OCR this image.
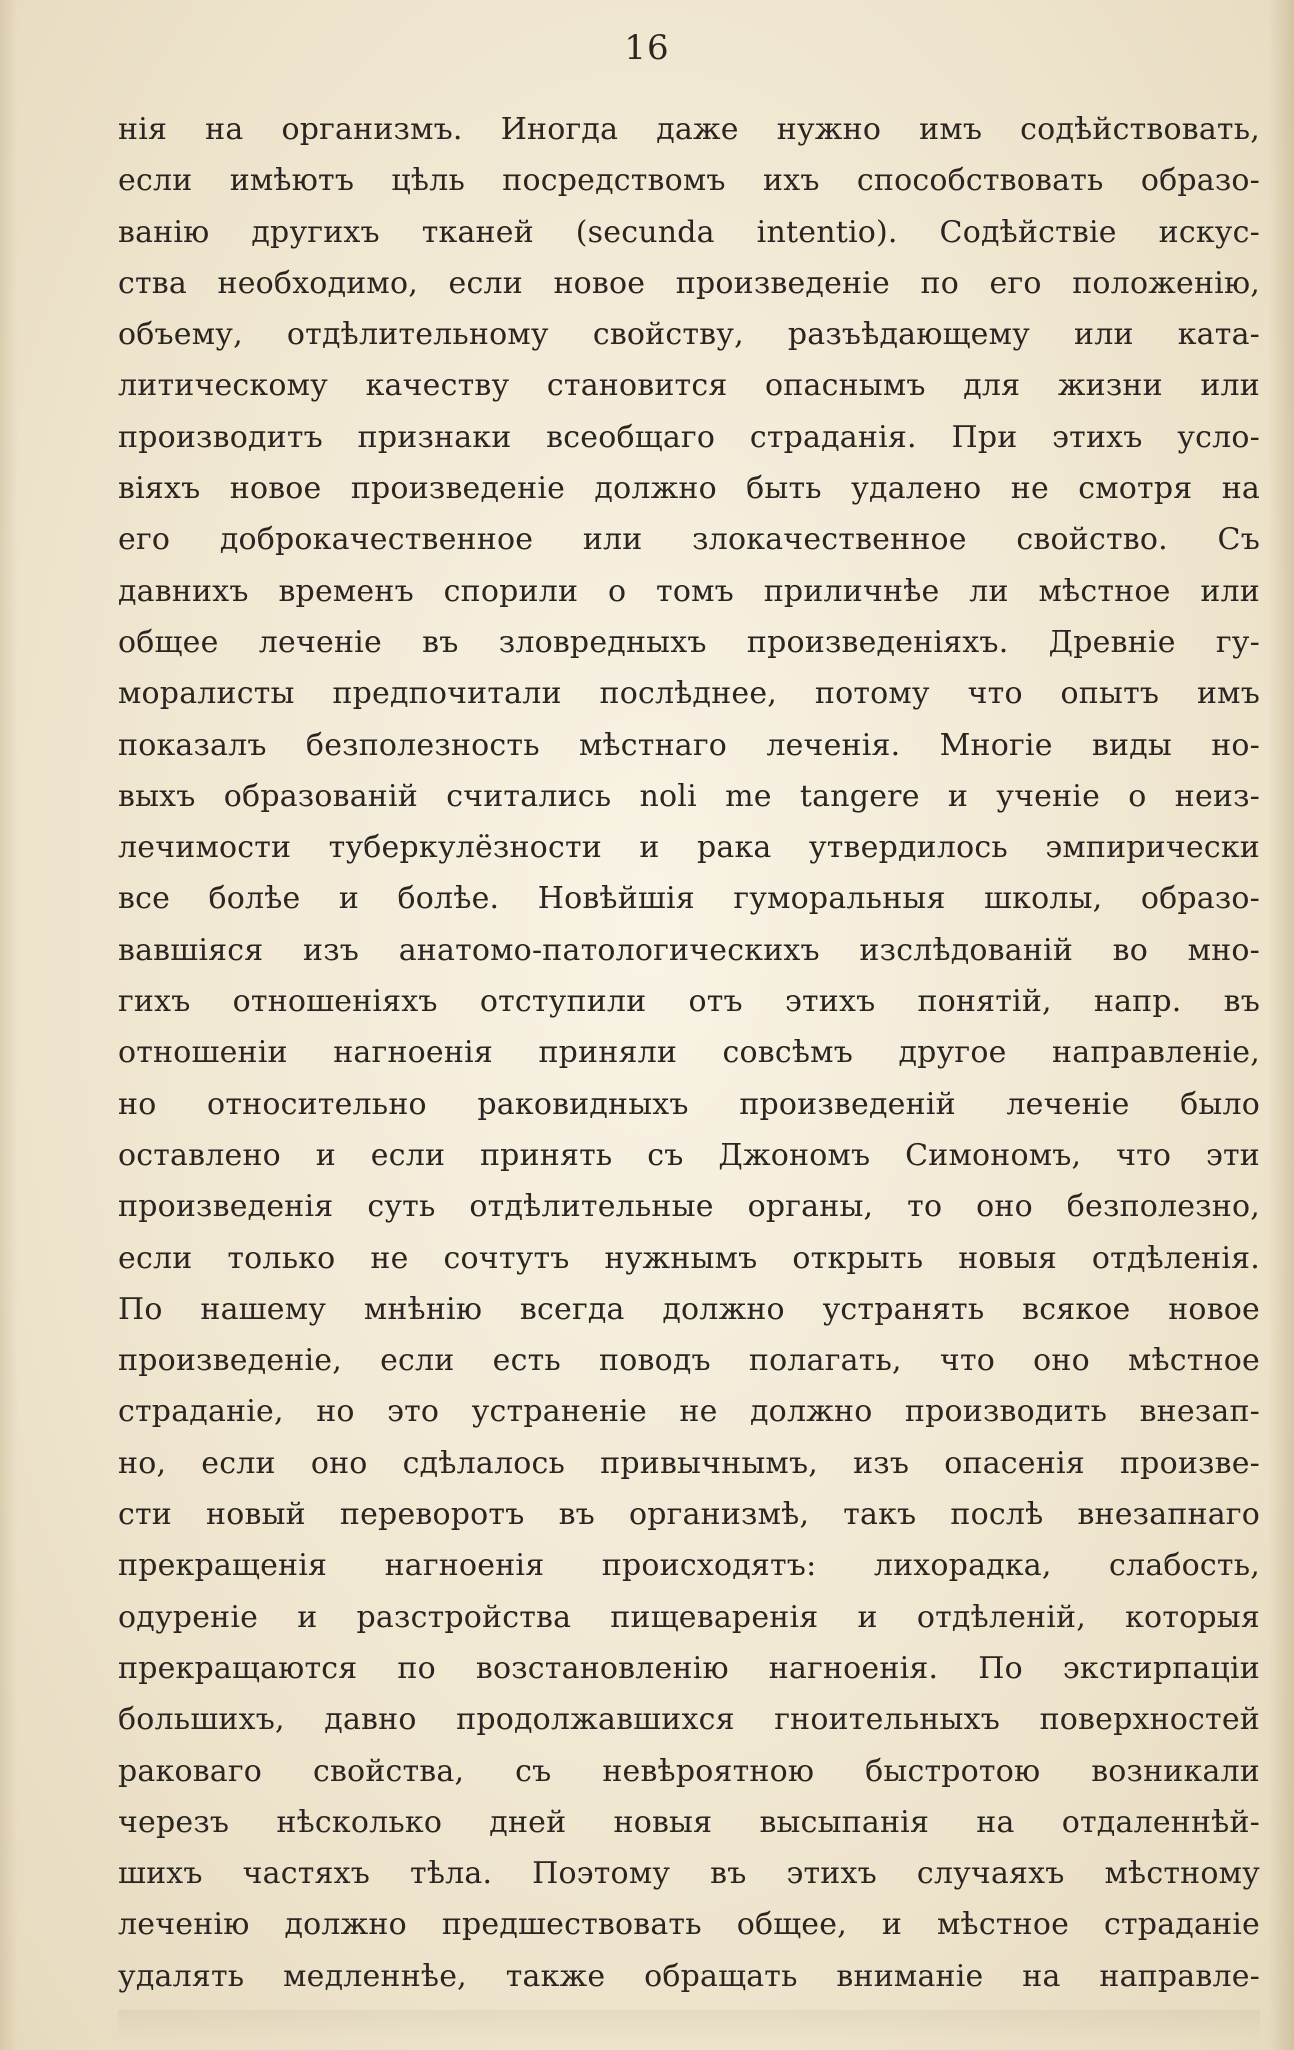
16
нія на организмъ. Иногда даже нужно имъ содѣйствовать,
если имѣютъ цѣль посредствомъ ихъ способствовать образо-
ванію другихъ тканей (secunda intentio). Содѣйствіе искус-
ства необходимо, если новое произведеніе по его положенію,
объему, отдѣлительному свойству, разъѣдающему или ката-
литическому качеству становится опаснымъ для жизни или
производитъ признаки всеобщаго страданія. При этихъ усло-
віяхъ новое произведеніе должно быть удалено не смотря на
его доброкачественное или злокачественное свойство. Съ
давнихъ временъ спорили о томъ приличнѣе ли мѣстное или
общее леченіе въ зловредныхъ произведеніяхъ. Древніе гу-
моралисты предпочитали послѣднее, потому что опытъ имъ
показалъ безполезность мѣстнаго леченія. Многіе виды но-
выхъ образованій считались noli me tangere и ученіе о неиз-
лечимости туберкулёзности и рака утвердилось эмпирически
все болѣе и болѣе. Новѣйшія гуморальныя школы, образо-
вавшіяся изъ анатомо-патологическихъ изслѣдованій во мно-
гихъ отношеніяхъ отступили отъ этихъ понятій, напр. въ
отношеніи нагноенія приняли совсѣмъ другое направленіе,
но относительно раковидныхъ произведеній леченіе было
оставлено и если принять съ Джономъ Симономъ, что эти
произведенія суть отдѣлительные органы, то оно безполезно,
если только не сочтутъ нужнымъ открыть новыя отдѣленія.
По нашему мнѣнію всегда должно устранять всякое новое
произведеніе, если есть поводъ полагать, что оно мѣстное
страданіе, но это устраненіе не должно производить внезап-
но, если оно сдѣлалось привычнымъ, изъ опасенія произве-
сти новый переворотъ въ организмѣ, такъ послѣ внезапнаго
прекращенія нагноенія происходятъ: лихорадка, слабость,
одуреніе и разстройства пищеваренія и отдѣленій, которыя
прекращаются по возстановленію нагноенія. По экстирпаціи
большихъ, давно продолжавшихся гноительныхъ поверхностей
раковаго свойства, съ невѣроятною быстротою возникали
черезъ нѣсколько дней новыя высыпанія на отдаленнѣй-
шихъ частяхъ тѣла. Поэтому въ этихъ случаяхъ мѣстному
леченію должно предшествовать общее, и мѣстное страданіе
удалять медленнѣе, также обращать вниманіе на направле-
